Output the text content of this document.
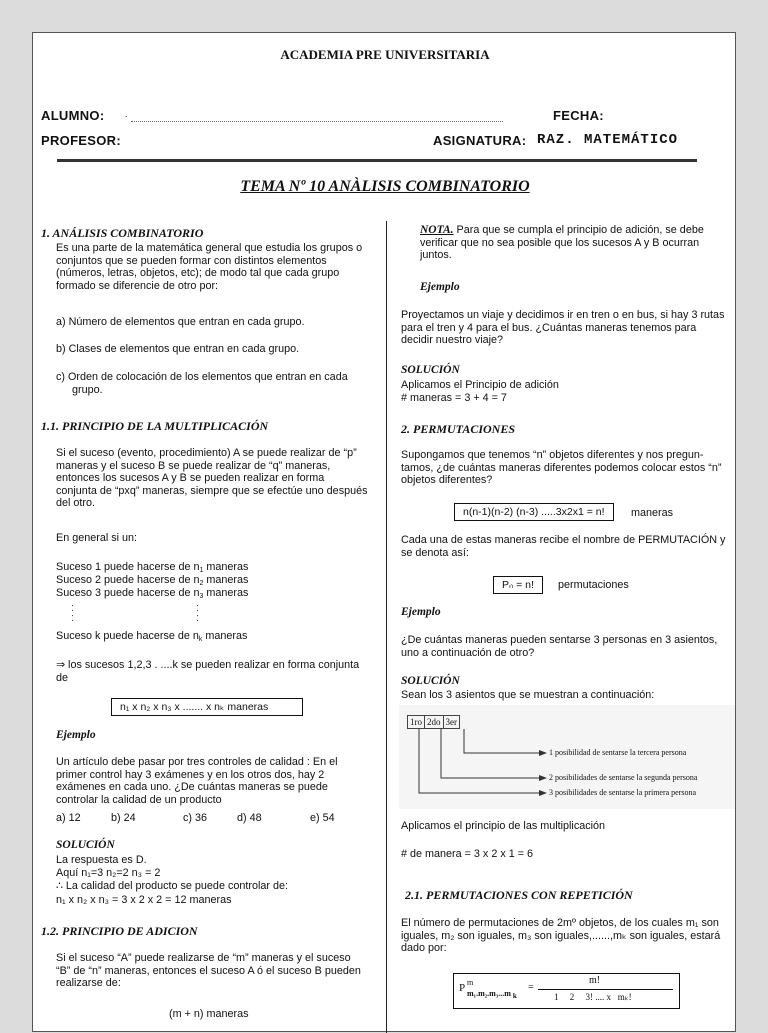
ACADEMIA PRE UNIVERSITARIA
ALUMNO: .	FECHA:
PROFESOR:	ASIGNATURA: RAZ. MATEMÁTICO
TEMA Nº 10 ANÀLISIS COMBINATORIO
1. ANÁLISIS COMBINATORIO
Es una parte de la matemática general que estudia los grupos o conjuntos que se pueden formar con distintos elementos (números, letras, objetos, etc); de modo tal que cada grupo formado se diferencie de otro por:
a) Número de elementos que entran en cada grupo.
b) Clases de elementos que entran en cada grupo.
c) Orden de colocación de los elementos que entran en cada grupo.
1.1. PRINCIPIO DE LA MULTIPLICACIÓN
Si el suceso (evento, procedimiento) A se puede realizar de “p” maneras y el suceso B se puede realizar de “q” maneras, entonces los sucesos A y B se pueden realizar en forma conjunta de “pxq” maneras, siempre que se efectúe uno después del otro.
En general si un:
Suceso 1 puede hacerse de $n_1$ maneras
Suceso 2 puede hacerse de $n_2$ maneras
Suceso 3 puede hacerse de $n_3$ maneras
:
:
:
:
Suceso k puede hacerse de $n_k$ maneras
⇒ los sucesos 1,2,3 . ....k se pueden realizar en forma conjunta de
n₁ x n₂ x n₃ x ....... x nₖ maneras
Ejemplo
Un artículo debe pasar por tres controles de calidad : En el primer control hay 3 exámenes y en los otros dos, hay 2 exámenes en cada uno. ¿De cuántas maneras se puede controlar la calidad de un producto
a) 12	b) 24	c) 36	d) 48	e) 54
SOLUCIÓN
La respuesta es D.
Aquí n₁=3 n₂=2 n₃ = 2
∴ La calidad del producto se puede controlar de:
n₁ x n₂ x n₃ = 3 x 2 x 2 = 12 maneras
1.2. PRINCIPIO DE ADICION
Si el suceso “A” puede realizarse de “m” maneras y el suceso “B” de “n” maneras, entonces el suceso A ó el suceso B pueden realizarse de:
(m + n) maneras
NOTA. Para que se cumpla el principio de adición, se debe verificar que no sea posible que los sucesos A y B ocurran juntos.
Ejemplo
Proyectamos un viaje y decidimos ir en tren o en bus, si hay 3 rutas para el tren y 4 para el bus. ¿Cuántas maneras tenemos para decidir nuestro viaje?
SOLUCIÓN
Aplicamos el Principio de adición
# maneras = 3 + 4 = 7
2. PERMUTACIONES
Supongamos que tenemos “n” objetos diferentes y nos pregun-tamos, ¿de cuántas maneras diferentes podemos colocar estos “n” objetos diferentes?
n(n-1)(n-2) (n-3) .....3x2x1 = n!	maneras
Cada una de estas maneras recibe el nombre de PERMUTACIÓN y se denota así:
Pₙ = n!	permutaciones
Ejemplo
¿De cuántas maneras pueden sentarse 3 personas en 3 asientos, uno a continuación de otro?
SOLUCIÓN
Sean los 3 asientos que se muestran a continuación:
1ro 2do 3er
1 posibilidad de sentarse la tercera persona
2 posibilidades de sentarse la segunda persona
3 posibilidades de sentarse la primera persona
Aplicamos el principio de las multiplicación
# de manera = 3 x 2 x 1 = 6
2.1. PERMUTACIONES CON REPETICIÓN
El número de permutaciones de 2mº objetos, de los cuales m₁ son iguales, m₂ son iguales, m₃ son iguales,......,mₖ son iguales, estará dado por:
P m
m₁.m₂.m₃...m $_k$
=
m!
1     2     3! .... x   mₖ!
